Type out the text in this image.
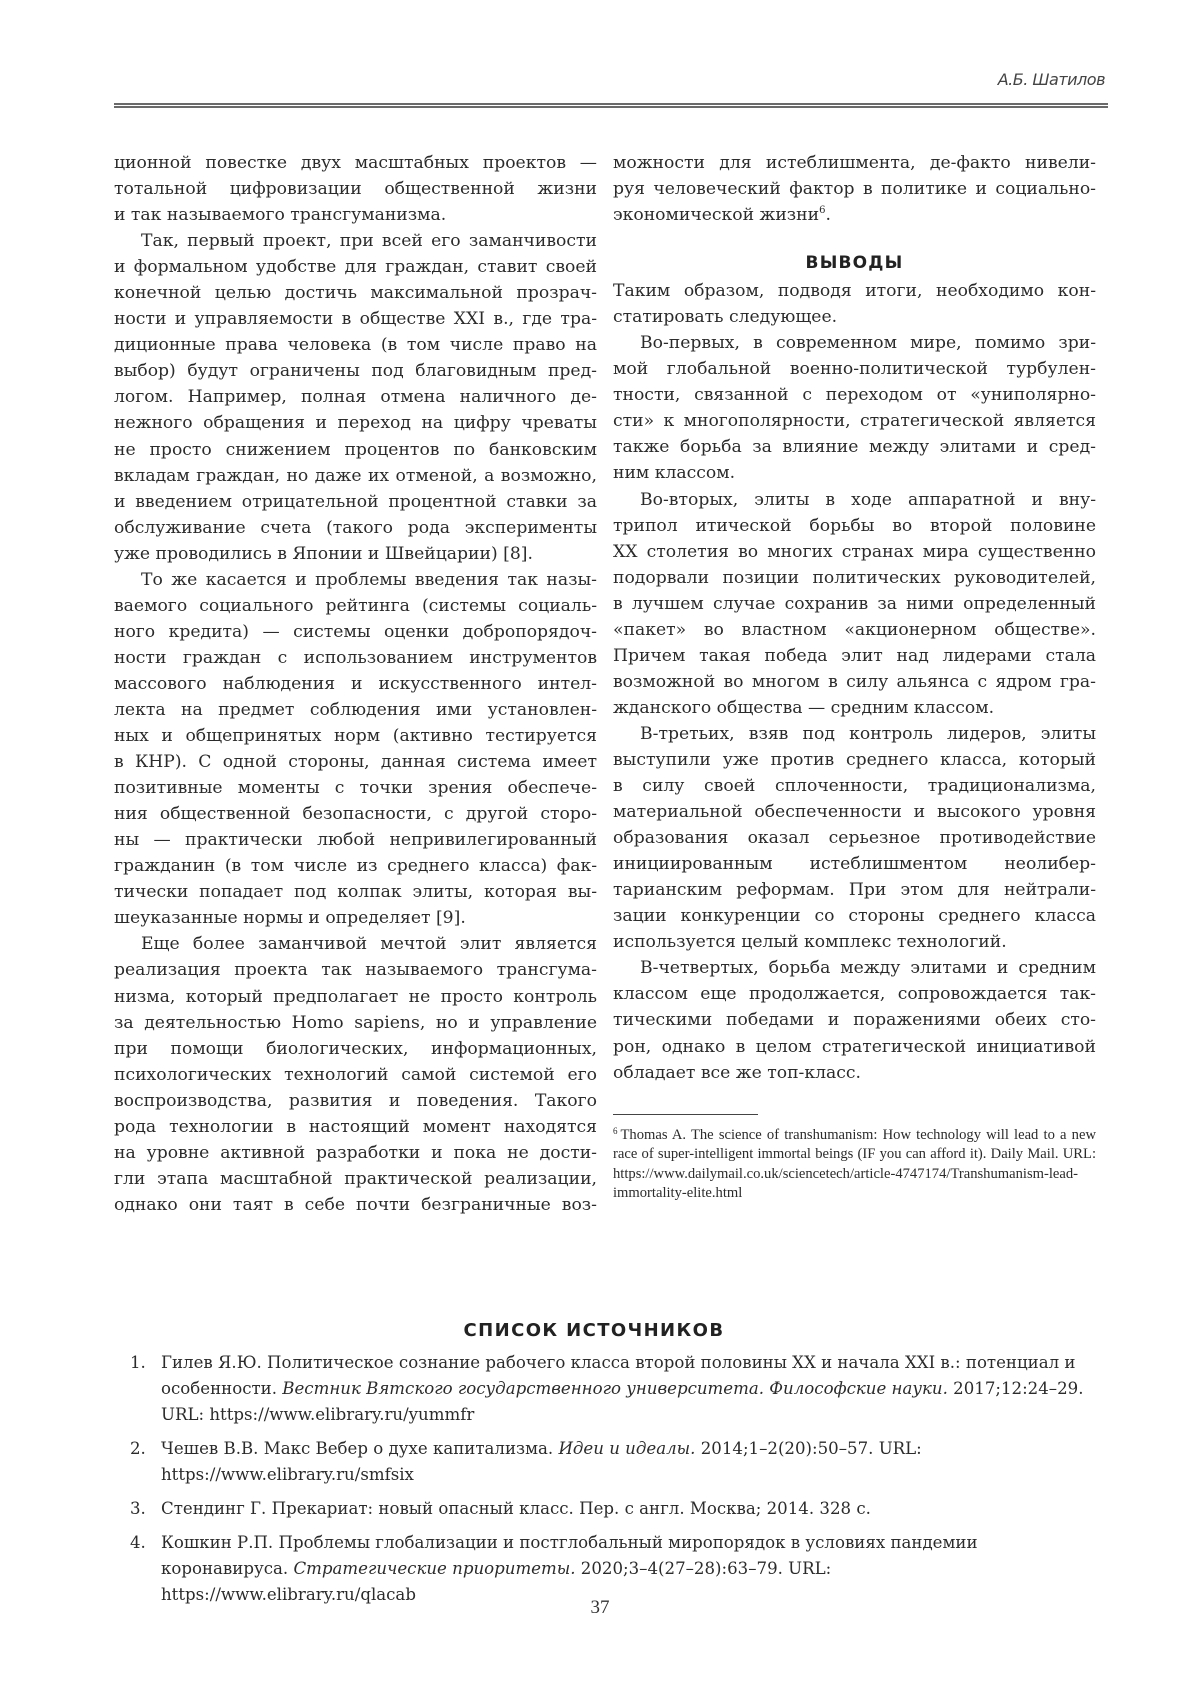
А.Б. Шатилов
ционной повестке двух масштабных проектов —
тотальной цифровизации общественной жизни
и так называемого трансгуманизма.
Так, первый проект, при всей его заманчивости
и формальном удобстве для граждан, ставит своей
конечной целью достичь максимальной прозрач-
ности и управляемости в обществе XXI в., где тра-
диционные права человека (в том числе право на
выбор) будут ограничены под благовидным пред-
логом. Например, полная отмена наличного де-
нежного обращения и переход на цифру чреваты
не просто снижением процентов по банковским
вкладам граждан, но даже их отменой, а возможно,
и введением отрицательной процентной ставки за
обслуживание счета (такого рода эксперименты
уже проводились в Японии и Швейцарии) [8].
То же касается и проблемы введения так назы-
ваемого социального рейтинга (системы социаль-
ного кредита) — системы оценки добропорядоч-
ности граждан с использованием инструментов
массового наблюдения и искусственного интел-
лекта на предмет соблюдения ими установлен-
ных и общепринятых норм (активно тестируется
в КНР). С одной стороны, данная система имеет
позитивные моменты с точки зрения обеспече-
ния общественной безопасности, с другой сторо-
ны — практически любой непривилегированный
гражданин (в том числе из среднего класса) фак-
тически попадает под колпак элиты, которая вы-
шеуказанные нормы и определяет [9].
Еще более заманчивой мечтой элит является
реализация проекта так называемого трансгума-
низма, который предполагает не просто контроль
за деятельностью Homo sapiens, но и управление
при помощи биологических, информационных,
психологических технологий самой системой его
воспроизводства, развития и поведения. Такого
рода технологии в настоящий момент находятся
на уровне активной разработки и пока не дости-
гли этапа масштабной практической реализации,
однако они таят в себе почти безграничные воз-
можности для истеблишмента, де-факто нивели-
руя человеческий фактор в политике и социально-
экономической жизни$^6$.
ВЫВОДЫ
Таким образом, подводя итоги, необходимо кон-
статировать следующее.
Во-первых, в современном мире, помимо зри-
мой глобальной военно-политической турбулен-
тности, связанной с переходом от «униполярно-
сти» к многополярности, стратегической является
также борьба за влияние между элитами и сред-
ним классом.
Во-вторых, элиты в ходе аппаратной и вну-
трипол итической борьбы во второй половине
XX столетия во многих странах мира существенно
подорвали позиции политических руководителей,
в лучшем случае сохранив за ними определенный
«пакет» во властном «акционерном обществе».
Причем такая победа элит над лидерами стала
возможной во многом в силу альянса с ядром гра-
жданского общества — средним классом.
В-третьих, взяв под контроль лидеров, элиты
выступили уже против среднего класса, который
в силу своей сплоченности, традиционализма,
материальной обеспеченности и высокого уровня
образования оказал серьезное противодействие
инициированным истеблишментом неолибер-
тарианским реформам. При этом для нейтрали-
зации конкуренции со стороны среднего класса
используется целый комплекс технологий.
В-четвертых, борьба между элитами и средним
классом еще продолжается, сопровождается так-
тическими победами и поражениями обеих сто-
рон, однако в целом стратегической инициативой
обладает все же топ-класс.
$^6$ Thomas A. The science of transhumanism: How technology will lead to a new race of super-intelligent immortal beings (IF you can afford it). Daily Mail. URL: https://www.dailymail.co.uk/sciencetech/article-4747174/Transhumanism-lead-immortality-elite.html
СПИСОК ИСТОЧНИКОВ
1. Гилев Я.Ю. Политическое сознание рабочего класса второй половины XX и начала XXI в.: потенциал и особенности. Вестник Вятского государственного университета. Философские науки. 2017;12:24–29. URL: https://www.elibrary.ru/yummfr
2. Чешев В.В. Макс Вебер о духе капитализма. Идеи и идеалы. 2014;1–2(20):50–57. URL: https://www.elibrary.ru/smfsix
3. Стендинг Г. Прекариат: новый опасный класс. Пер. с англ. Москва; 2014. 328 с.
4. Кошкин Р.П. Проблемы глобализации и постглобальный миропорядок в условиях пандемии коронавируса. Стратегические приоритеты. 2020;3–4(27–28):63–79. URL: https://www.elibrary.ru/qlacab
37
